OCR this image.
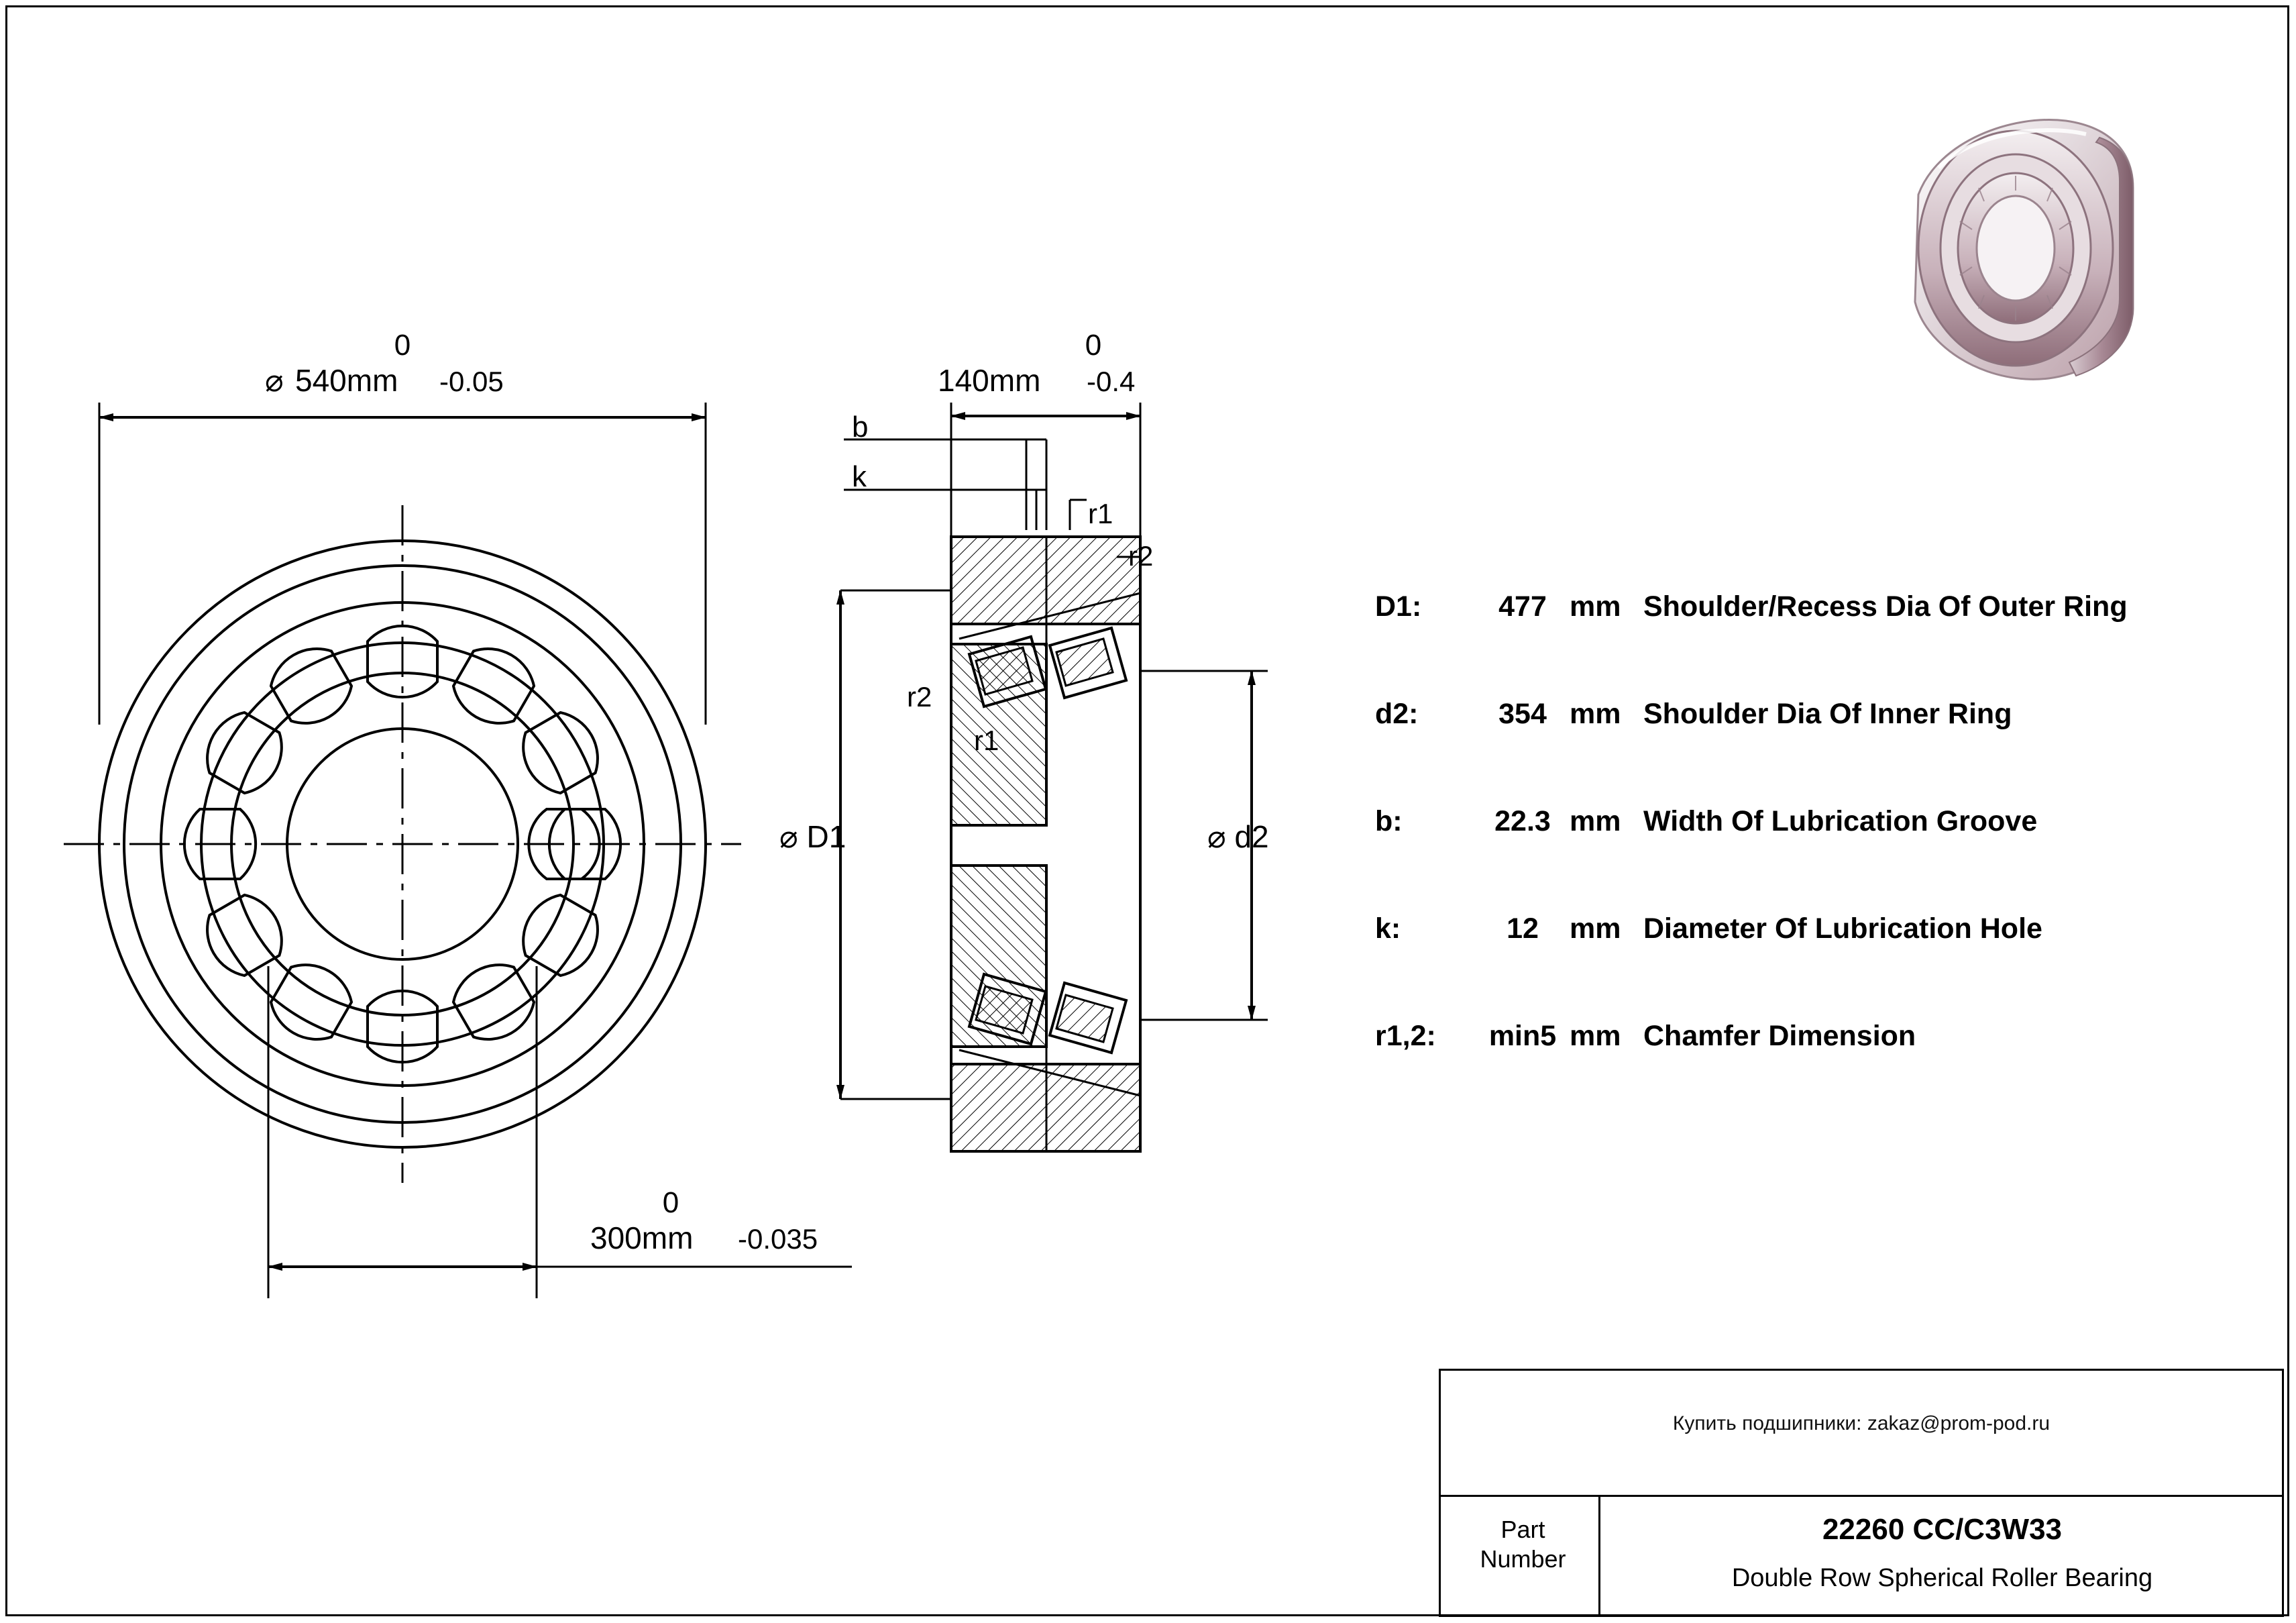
0
⌀ 540mm -0.05
0
300mm -0.035
0
140mm -0.4
b
k
r1
r2
r2
r1
⌀ D1	⌀ d2
D1:	477 mm Shoulder/Recess Dia Of Outer Ring
d2:	354 mm Shoulder Dia Of Inner Ring
b:	22.3 mm Width Of Lubrication Groove
k:	12	mm Diameter Of Lubrication Hole
r1,2:	min5 mm Chamfer Dimension
Купить подшипники: zakaz@prom-pod.ru
Part
Number
22260 CC/C3W33
Double Row Spherical Roller Bearing
